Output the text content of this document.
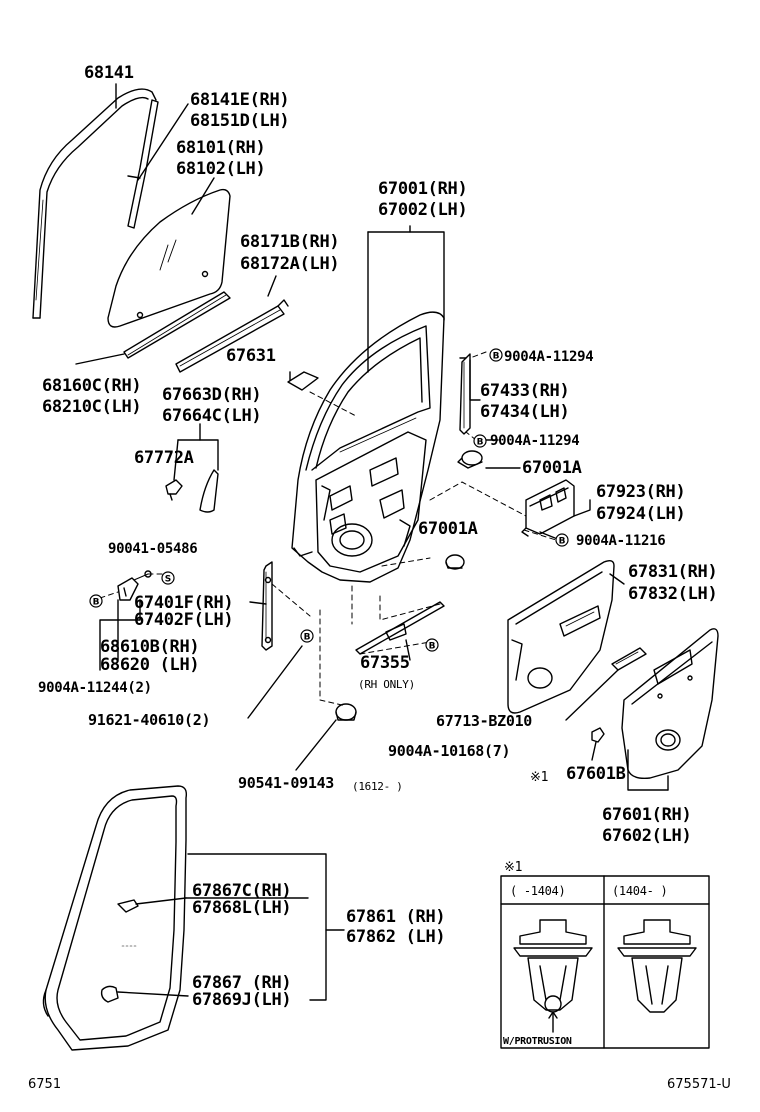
B
B
B
B
B
B
S
68141
68141E(RH)
68151D(LH)
68101(RH)
68102(LH)
67001(RH)
67002(LH)
68171B(RH)
68172A(LH)
67631	9004A-11294
67433(RH)
67434(LH)
68160C(RH)
68210C(LH)
67663D(RH)
67664C(LH)
9004A-11294
67772A	67001A
67923(RH)
67924(LH)
67001A
9004A-11216
90041-05486
67831(RH)
67832(LH)
67401F(RH)
67402F(LH)
68610B(RH)
68620 (LH)
9004A-11244(2)
67355
(RH ONLY)
91621-40610(2)	67713-BZ010
9004A-10168(7)
90541-09143 (1612- )
※1 67601B
67601(RH)
67602(LH)
67867C(RH)
67868L(LH)	67861 (RH)
67862 (LH)
67867 (RH)
67869J(LH)
※1
( -1404)	(1404- )
W/PROTRUSION
6751	675571-U
